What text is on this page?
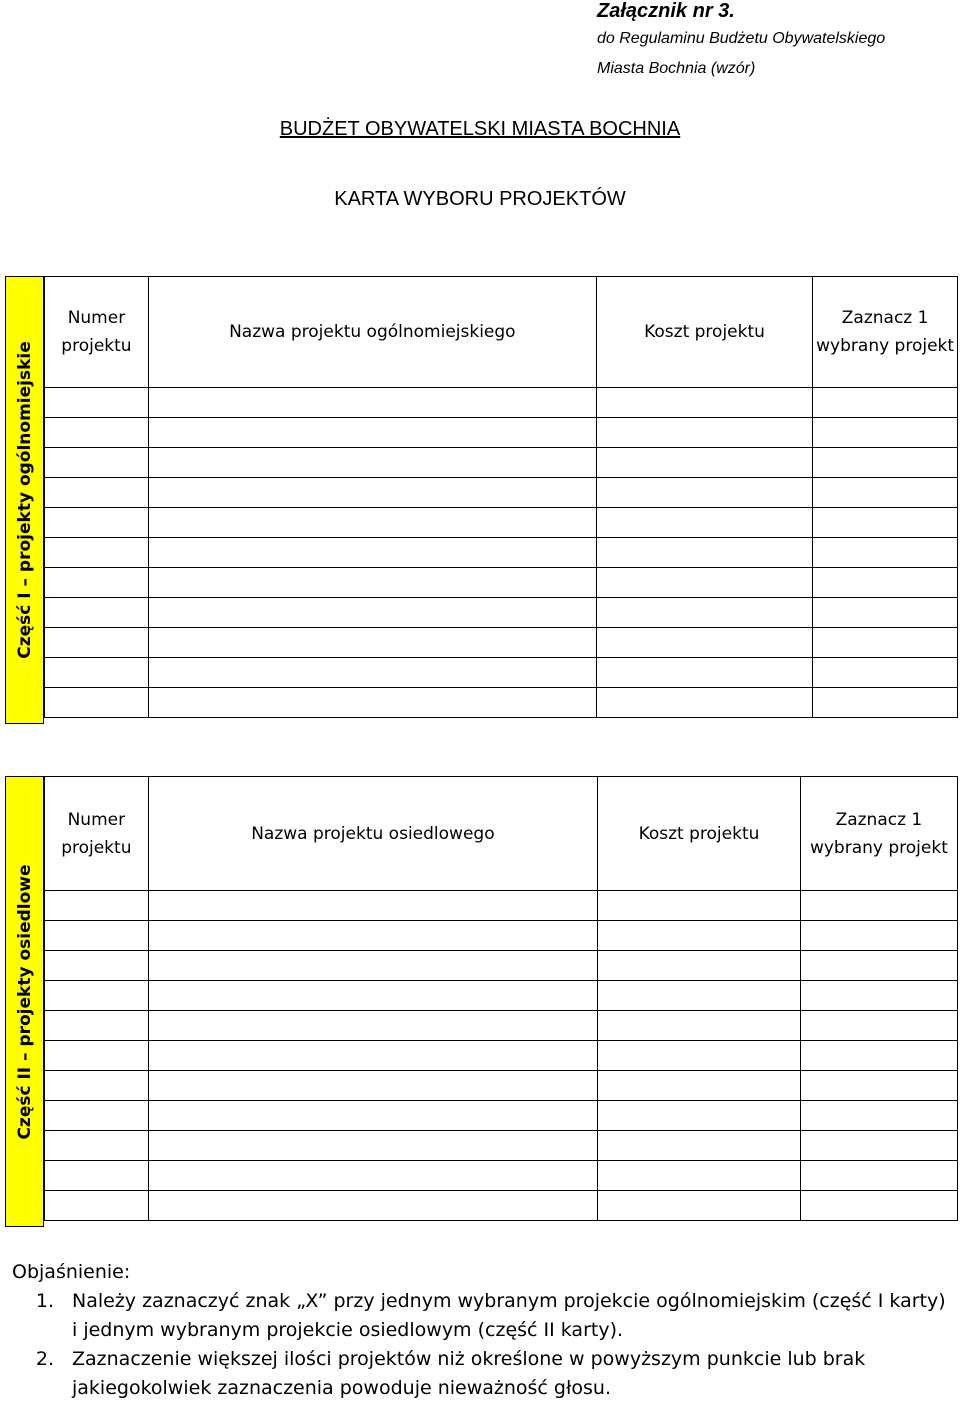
Załącznik nr 3.
do Regulaminu Budżetu Obywatelskiego
Miasta Bochnia (wzór)
BUDŻET OBYWATELSKI MIASTA BOCHNIA
KARTA WYBORU PROJEKTÓW
Część I – projekty ogólnomiejskie
Numer projektu	Nazwa projektu ogólnomiejskiego	Koszt projektu	Zaznacz 1 wybrany projekt

Część II – projekty osiedlowe
Numer projektu	Nazwa projektu osiedlowego	Koszt projektu	Zaznacz 1 wybrany projekt

Objaśnienie:
1. Należy zaznaczyć znak „X” przy jednym wybranym projekcie ogólnomiejskim (część I karty) i jednym wybranym projekcie osiedlowym (część II karty).
2. Zaznaczenie większej ilości projektów niż określone w powyższym punkcie lub brak jakiegokolwiek zaznaczenia powoduje nieważność głosu.
